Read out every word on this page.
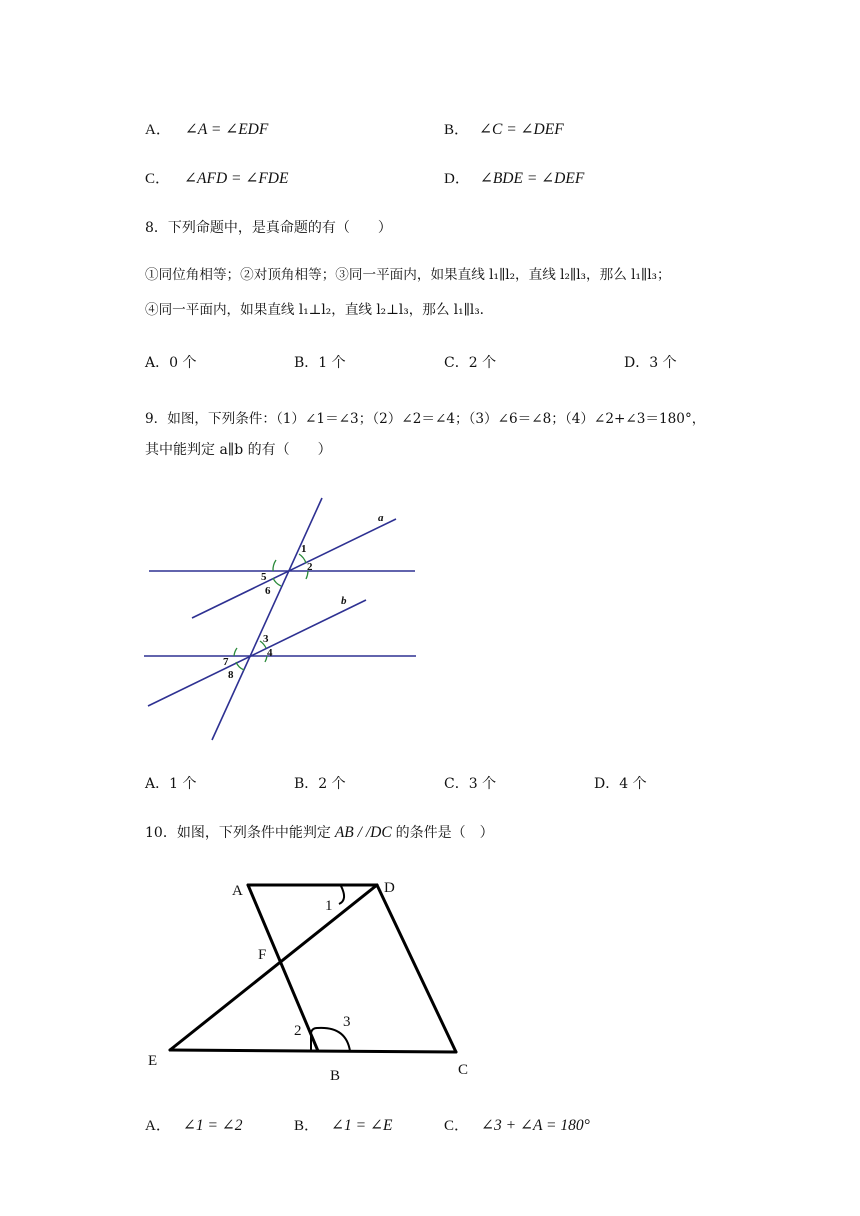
A． ∠A = ∠EDF	B． ∠C = ∠DEF
C． ∠AFD = ∠FDE	D． ∠BDE = ∠DEF
8．下列命题中，是真命题的有（　　）
①同位角相等；②对顶角相等；③同一平面内，如果直线 l₁∥l₂，直线 l₂∥l₃，那么 l₁∥l₃；
④同一平面内，如果直线 l₁⊥l₂，直线 l₂⊥l₃，那么 l₁∥l₃.
A．0 个	B．1 个	C．2 个	D．3 个
9．如图，下列条件：（1）∠1＝∠3；（2）∠2＝∠4；（3）∠6＝∠8；（4）∠2+∠3＝180°，
其中能判定 a∥b 的有（　　）
a
b
1
2
5
6
3
4
7
8
A．1 个	B．2 个	C．3 个	D．4 个
10．如图，下列条件中能判定 AB / /DC 的条件是（　）
A	D
1
F
2
3
E
B	C
A． ∠1 = ∠2	B． ∠1 = ∠E	C． ∠3 + ∠A = 180°
